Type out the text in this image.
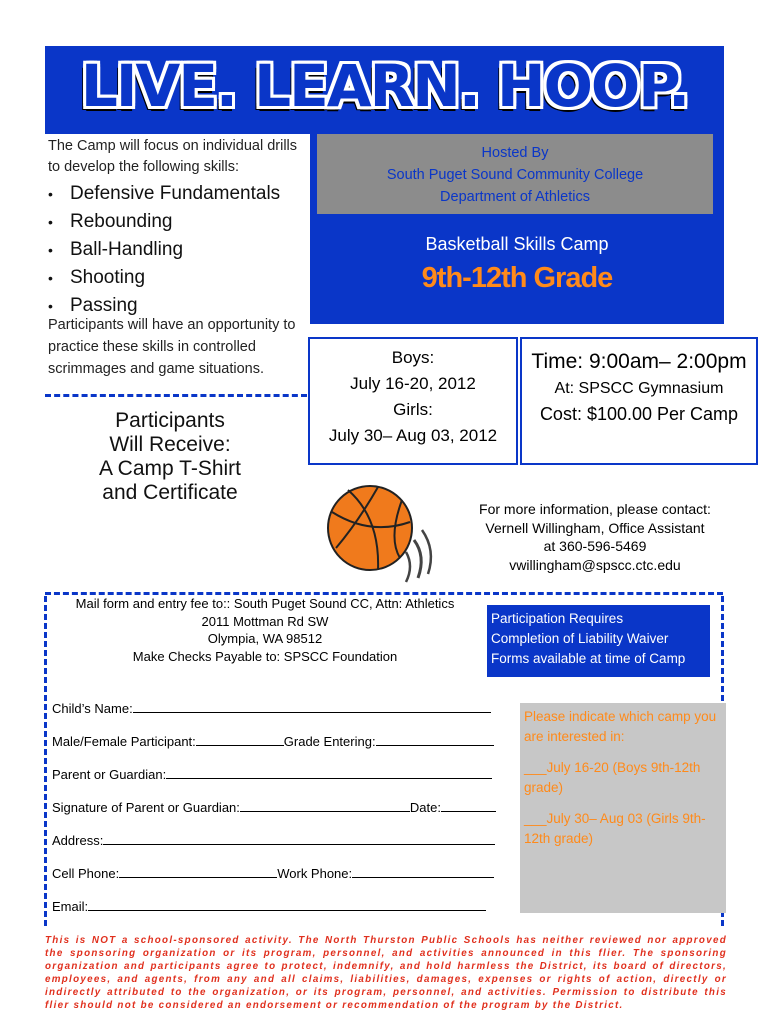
LIVE. LEARN. HOOP.
The Camp will focus on individual drills to develop the following skills:
• Defensive Fundamentals
• Rebounding
• Ball-Handling
• Shooting
• Passing
Participants will have an opportunity to practice these skills in controlled scrimmages and game situations.
Hosted By
South Puget Sound Community College
Department of Athletics
Basketball Skills Camp
9th-12th Grade
Participants
Will Receive:
A Camp T-Shirt
and Certificate
Boys:
July 16-20, 2012
Girls:
July 30– Aug 03, 2012
Time: 9:00am– 2:00pm
At: SPSCC Gymnasium
Cost: $100.00 Per Camp
For more information, please contact:
Vernell Willingham, Office Assistant
at 360-596-5469
vwillingham@spscc.ctc.edu
Mail form and entry fee to:: South Puget Sound CC, Attn: Athletics
2011 Mottman Rd SW
Olympia, WA 98512
Make Checks Payable to: SPSCC Foundation
Participation Requires
Completion of Liability Waiver
Forms available at time of Camp
Child’s Name:
Male/Female Participant:	Grade Entering:
Parent or Guardian:
Signature of Parent or Guardian:	Date:
Address:
Cell Phone:	Work Phone:
Email:

Please indicate which camp you are interested in:

___July 16-20 (Boys 9th-12th grade)

___July 30– Aug 03 (Girls 9th-12th grade)

This is NOT a school-sponsored activity. The North Thurston Public Schools has neither reviewed nor approved the sponsoring organization or its program, personnel, and activities announced in this flier. The sponsoring organization and participants agree to protect, indemnify, and hold harmless the District, its board of directors, employees, and agents, from any and all claims, liabilities, damages, expenses or rights of action, directly or indirectly attributed to the organization, or its program, personnel, and activities. Permission to distribute this flier should not be considered an endorsement or recommendation of the program by the District.
